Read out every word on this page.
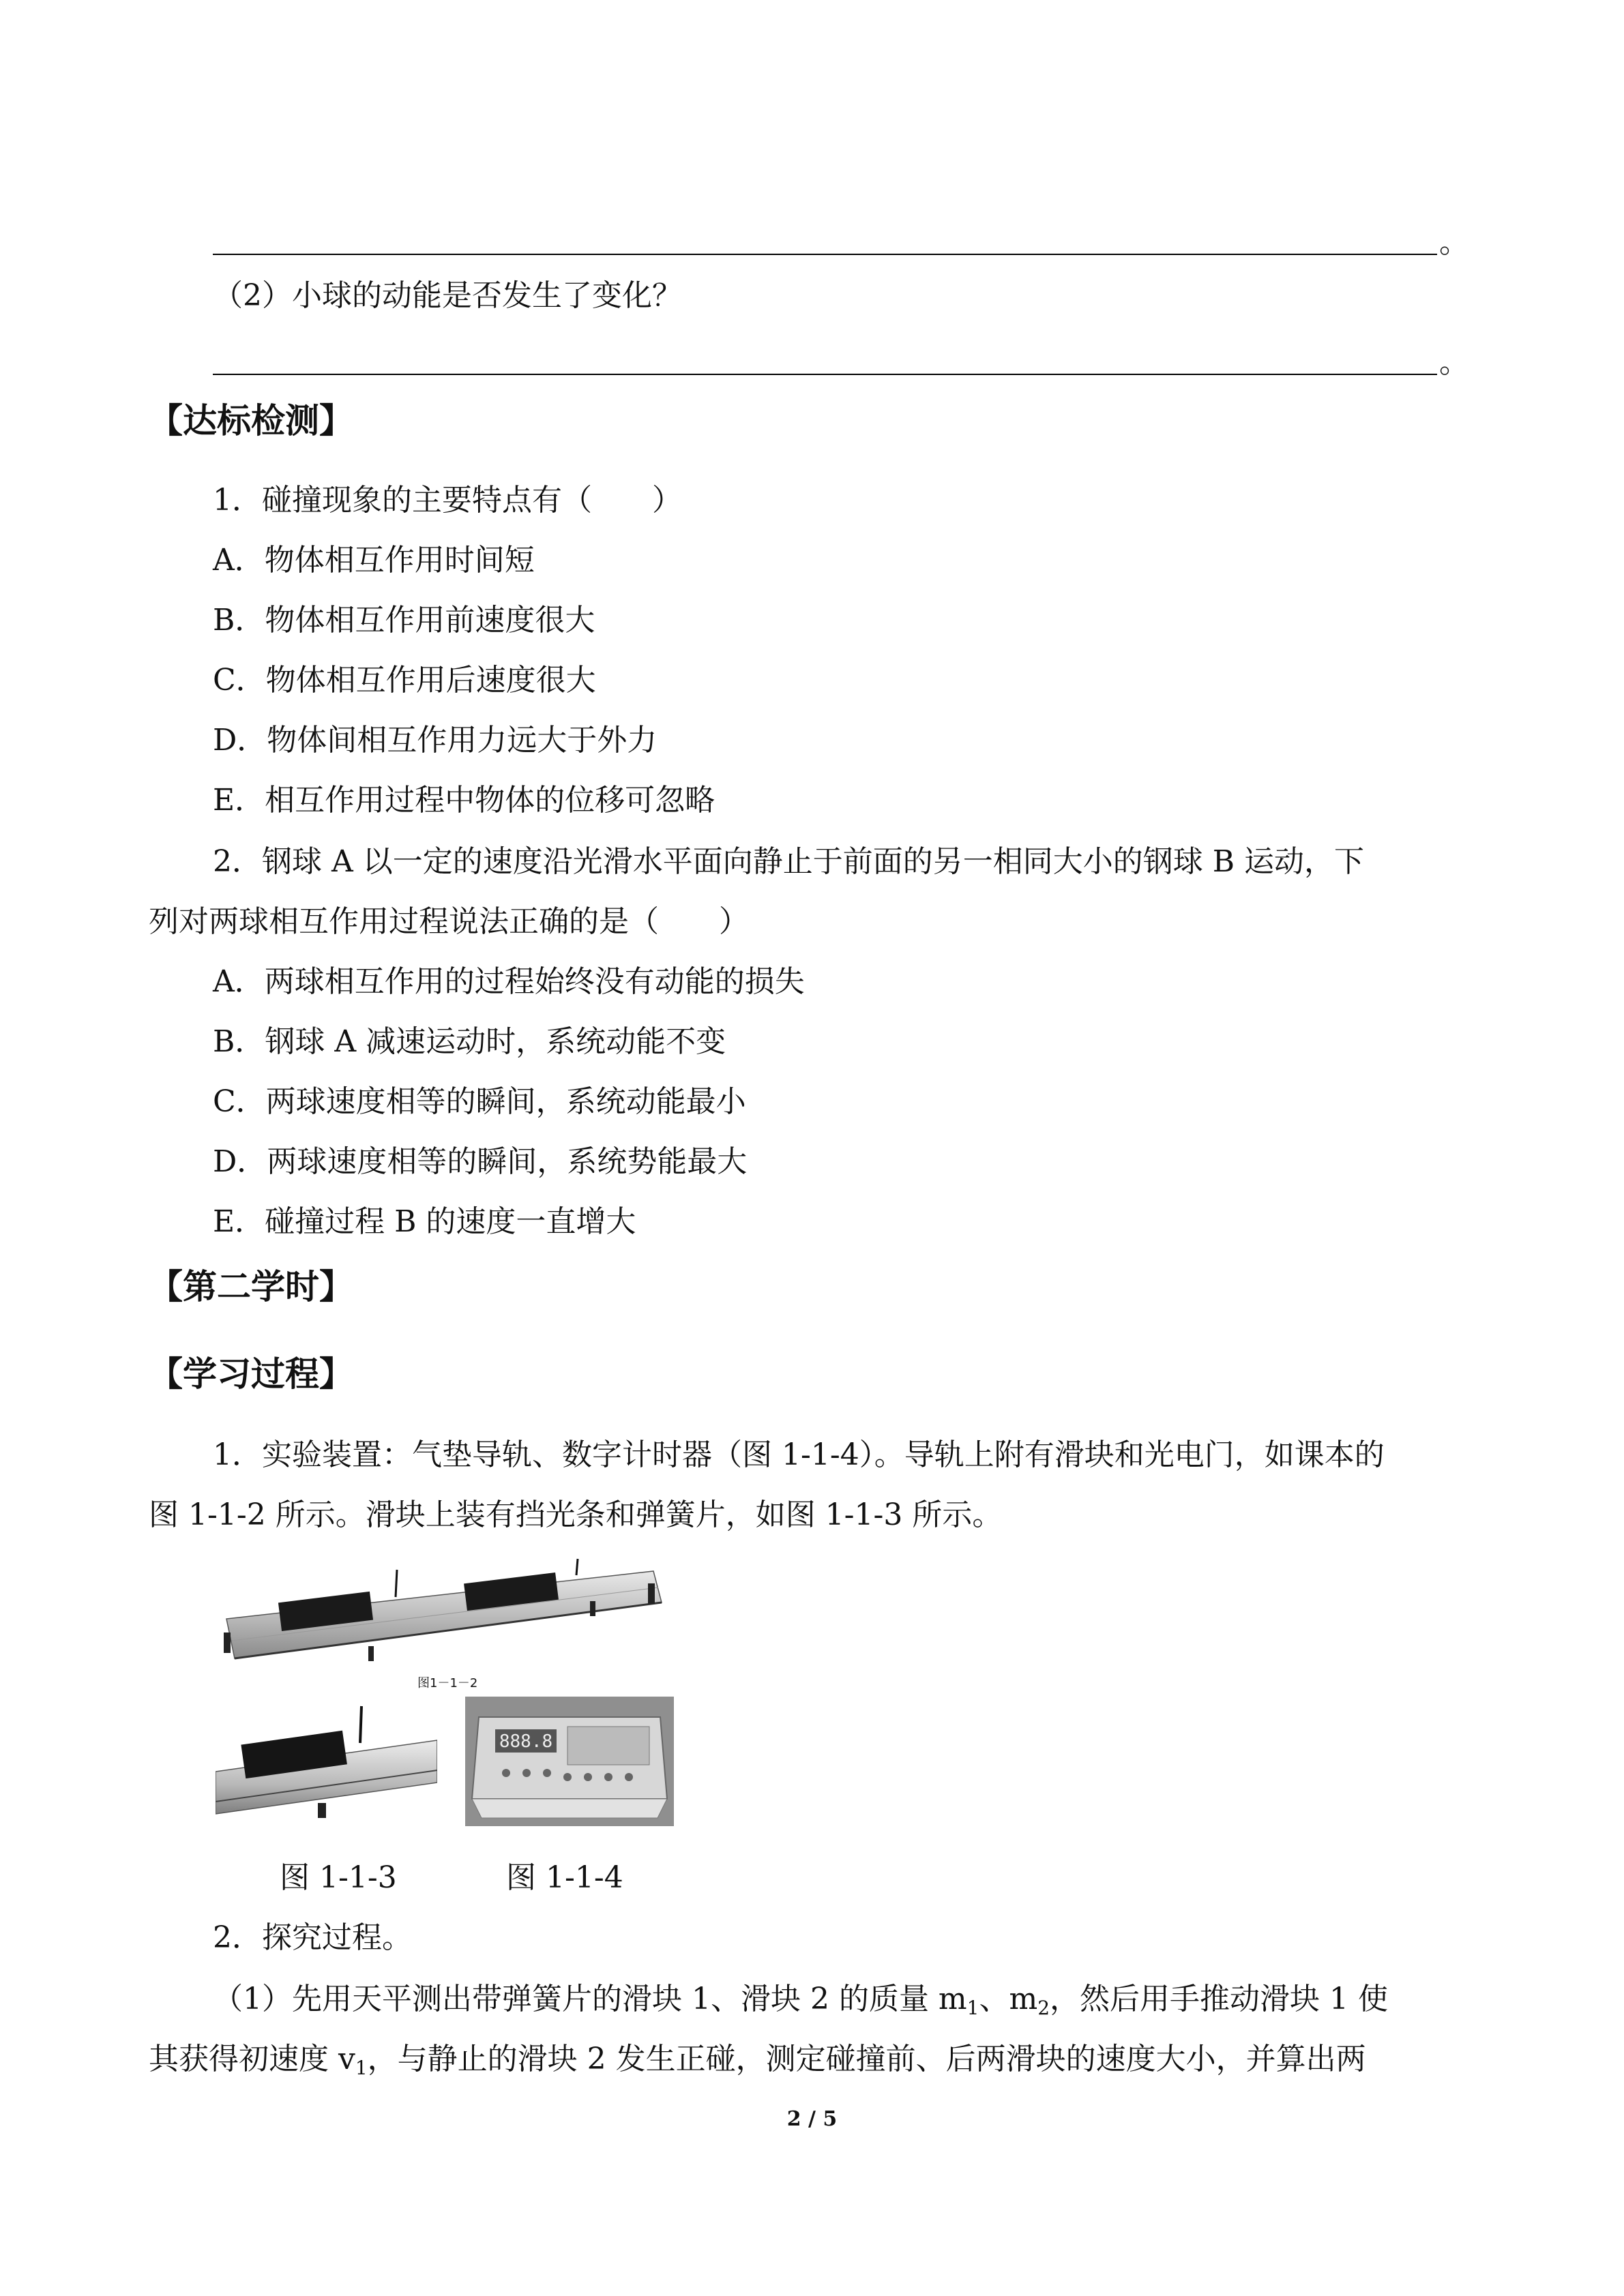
。
（2）小球的动能是否发生了变化？
。
【达标检测】
1．碰撞现象的主要特点有（　　）
A．物体相互作用时间短
B．物体相互作用前速度很大
C．物体相互作用后速度很大
D．物体间相互作用力远大于外力
E．相互作用过程中物体的位移可忽略
2．钢球 A 以一定的速度沿光滑水平面向静止于前面的另一相同大小的钢球 B 运动，下
列对两球相互作用过程说法正确的是（　　）
A．两球相互作用的过程始终没有动能的损失
B．钢球 A 减速运动时，系统动能不变
C．两球速度相等的瞬间，系统动能最小
D．两球速度相等的瞬间，系统势能最大
E．碰撞过程 B 的速度一直增大
【第二学时】
【学习过程】
1．实验装置：气垫导轨、数字计时器（图 1-1-4）。导轨上附有滑块和光电门，如课本的
图 1-1-2 所示。滑块上装有挡光条和弹簧片，如图 1-1-3 所示。
图1－1－2
888.8
图 1-1-3	图 1-1-4
2．探究过程。
（1）先用天平测出带弹簧片的滑块 1、滑块 2 的质量 $m_1$、$m_2$，然后用手推动滑块 1 使
其获得初速度 $v_1$，与静止的滑块 2 发生正碰，测定碰撞前、后两滑块的速度大小，并算出两
2 / 5
